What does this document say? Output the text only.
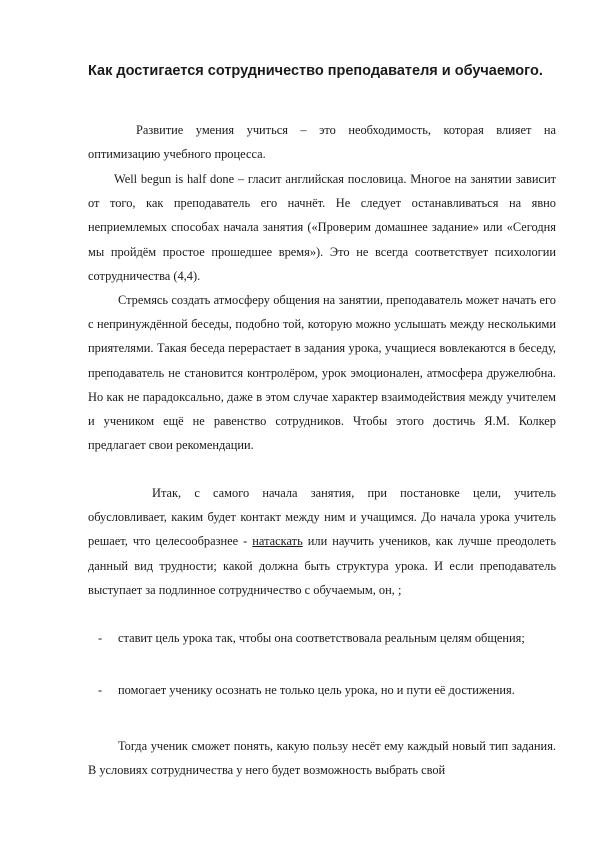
Как достигается сотрудничество преподавателя и обучаемого.

Развитие умения учиться – это необходимость, которая влияет на оптимизацию учебного процесса.

Well begun is half done – гласит английская пословица. Многое на занятии зависит от того, как преподаватель его начнёт. Не следует останавливаться на явно неприемлемых способах начала занятия («Проверим домашнее задание» или «Сегодня мы пройдём простое прошедшее время»). Это не всегда соответствует психологии сотрудничества (4,4).

Стремясь создать атмосферу общения на занятии, преподаватель может начать его с непринуждённой беседы, подобно той, которую можно услышать между несколькими приятелями. Такая беседа перерастает в задания урока, учащиеся вовлекаются в беседу, преподаватель не становится контролёром, урок эмоционален, атмосфера дружелюбна. Но как не парадоксально, даже в этом случае характер взаимодействия между учителем и учеником ещё не равенство сотрудников. Чтобы этого достичь Я.М. Колкер предлагает свои рекомендации.

Итак, с самого начала занятия, при постановке цели, учитель обусловливает, каким будет контакт между ним и учащимся. До начала урока учитель решает, что целесообразнее - натаскать или научить учеников, как лучше преодолеть данный вид трудности; какой должна быть структура урока. И если преподаватель выступает за подлинное сотрудничество с обучаемым, он, ;

- ставит цель урока так, чтобы она соответствовала реальным целям общения;
- помогает ученику осознать не только цель урока, но и пути её достижения.

Тогда ученик сможет понять, какую пользу несёт ему каждый новый тип задания. В условиях сотрудничества у него будет возможность выбрать свой
